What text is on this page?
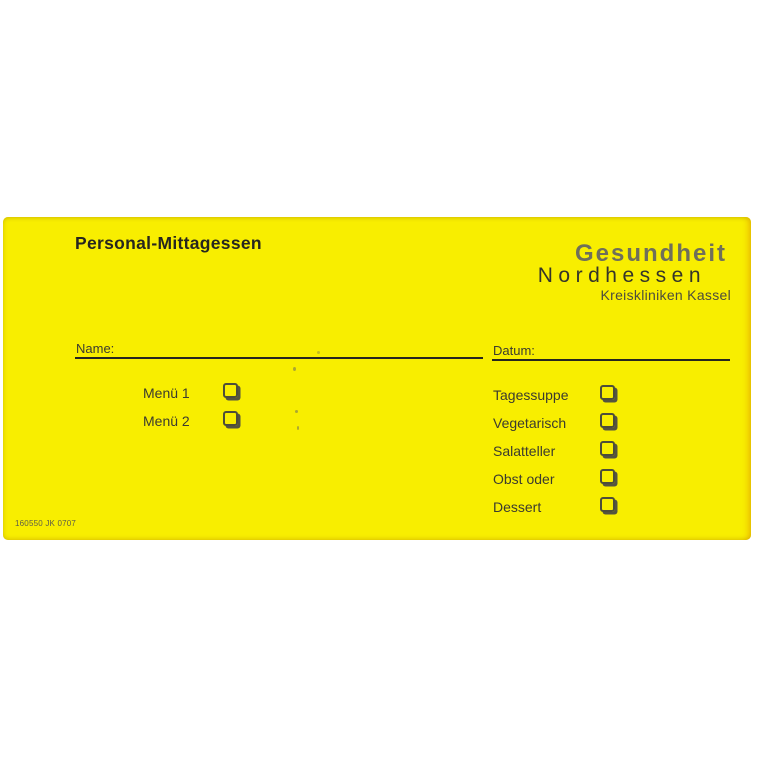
Personal-Mittagessen	Gesundheit
Nordhessen
Kreiskliniken Kassel
Name:	Datum:
Menü 1
Menü 2
Tagessuppe
Vegetarisch
Salatteller
Obst oder
Dessert
160550 JK 0707
